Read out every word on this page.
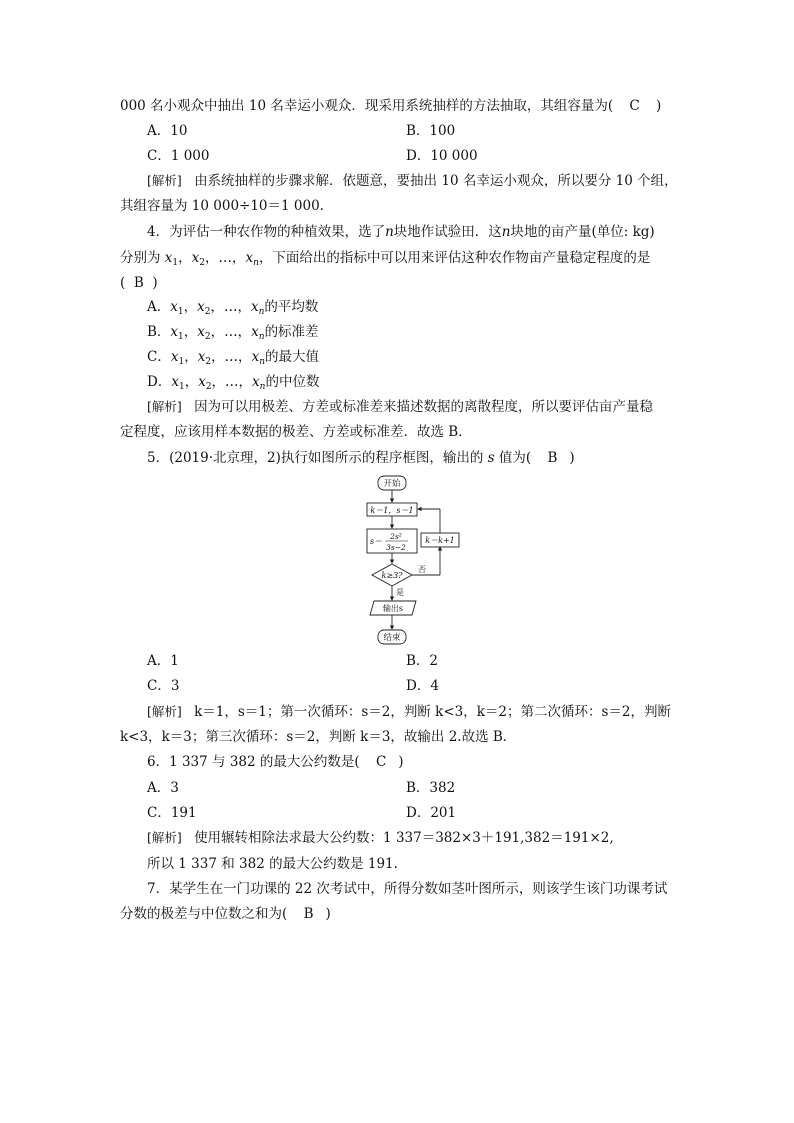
000 名小观众中抽出 10 名幸运小观众．现采用系统抽样的方法抽取，其组容量为( C )
A．10	B．100
C．1 000	D．10 000
[解析] 由系统抽样的步骤求解．依题意，要抽出 10 名幸运小观众，所以要分 10 个组，
其组容量为 10 000÷10＝1 000.
4．为评估一种农作物的种植效果，选了n块地作试验田．这n块地的亩产量(单位: kg)
分别为 $x_1$，$x_2$，…，$x_n$，下面给出的指标中可以用来评估这种农作物亩产量稳定程度的是
(  B  )
A．$x_1$，$x_2$，…，$x_n$的平均数
B．$x_1$，$x_2$，…，$x_n$的标准差
C．$x_1$，$x_2$，…，$x_n$的最大值
D．$x_1$，$x_2$，…，$x_n$的中位数
[解析] 因为可以用极差、方差或标准差来描述数据的离散程度，所以要评估亩产量稳
定程度，应该用样本数据的极差、方差或标准差．故选 B．
5．(2019·北京理，2)执行如图所示的程序框图，输出的 s 值为( B )
开始
k＝1，s＝1
s＝
2s²
3s−2
k＝k+1
k≥3?
否
是
输出s
结束
A．1	B．2
C．3	D．4
[解析] k＝1，s＝1；第一次循环：s＝2，判断 k<3，k＝2；第二次循环：s＝2，判断
k<3，k＝3；第三次循环：s＝2，判断 k＝3，故输出 2.故选 B．
6．1 337 与 382 的最大公约数是( C )
A．3	B．382
C．191	D．201
[解析] 使用辗转相除法求最大公约数：1 337＝382×3＋191,382＝191×2,
所以 1 337 和 382 的最大公约数是 191.
7．某学生在一门功课的 22 次考试中，所得分数如茎叶图所示，则该学生该门功课考试
分数的极差与中位数之和为( B )
